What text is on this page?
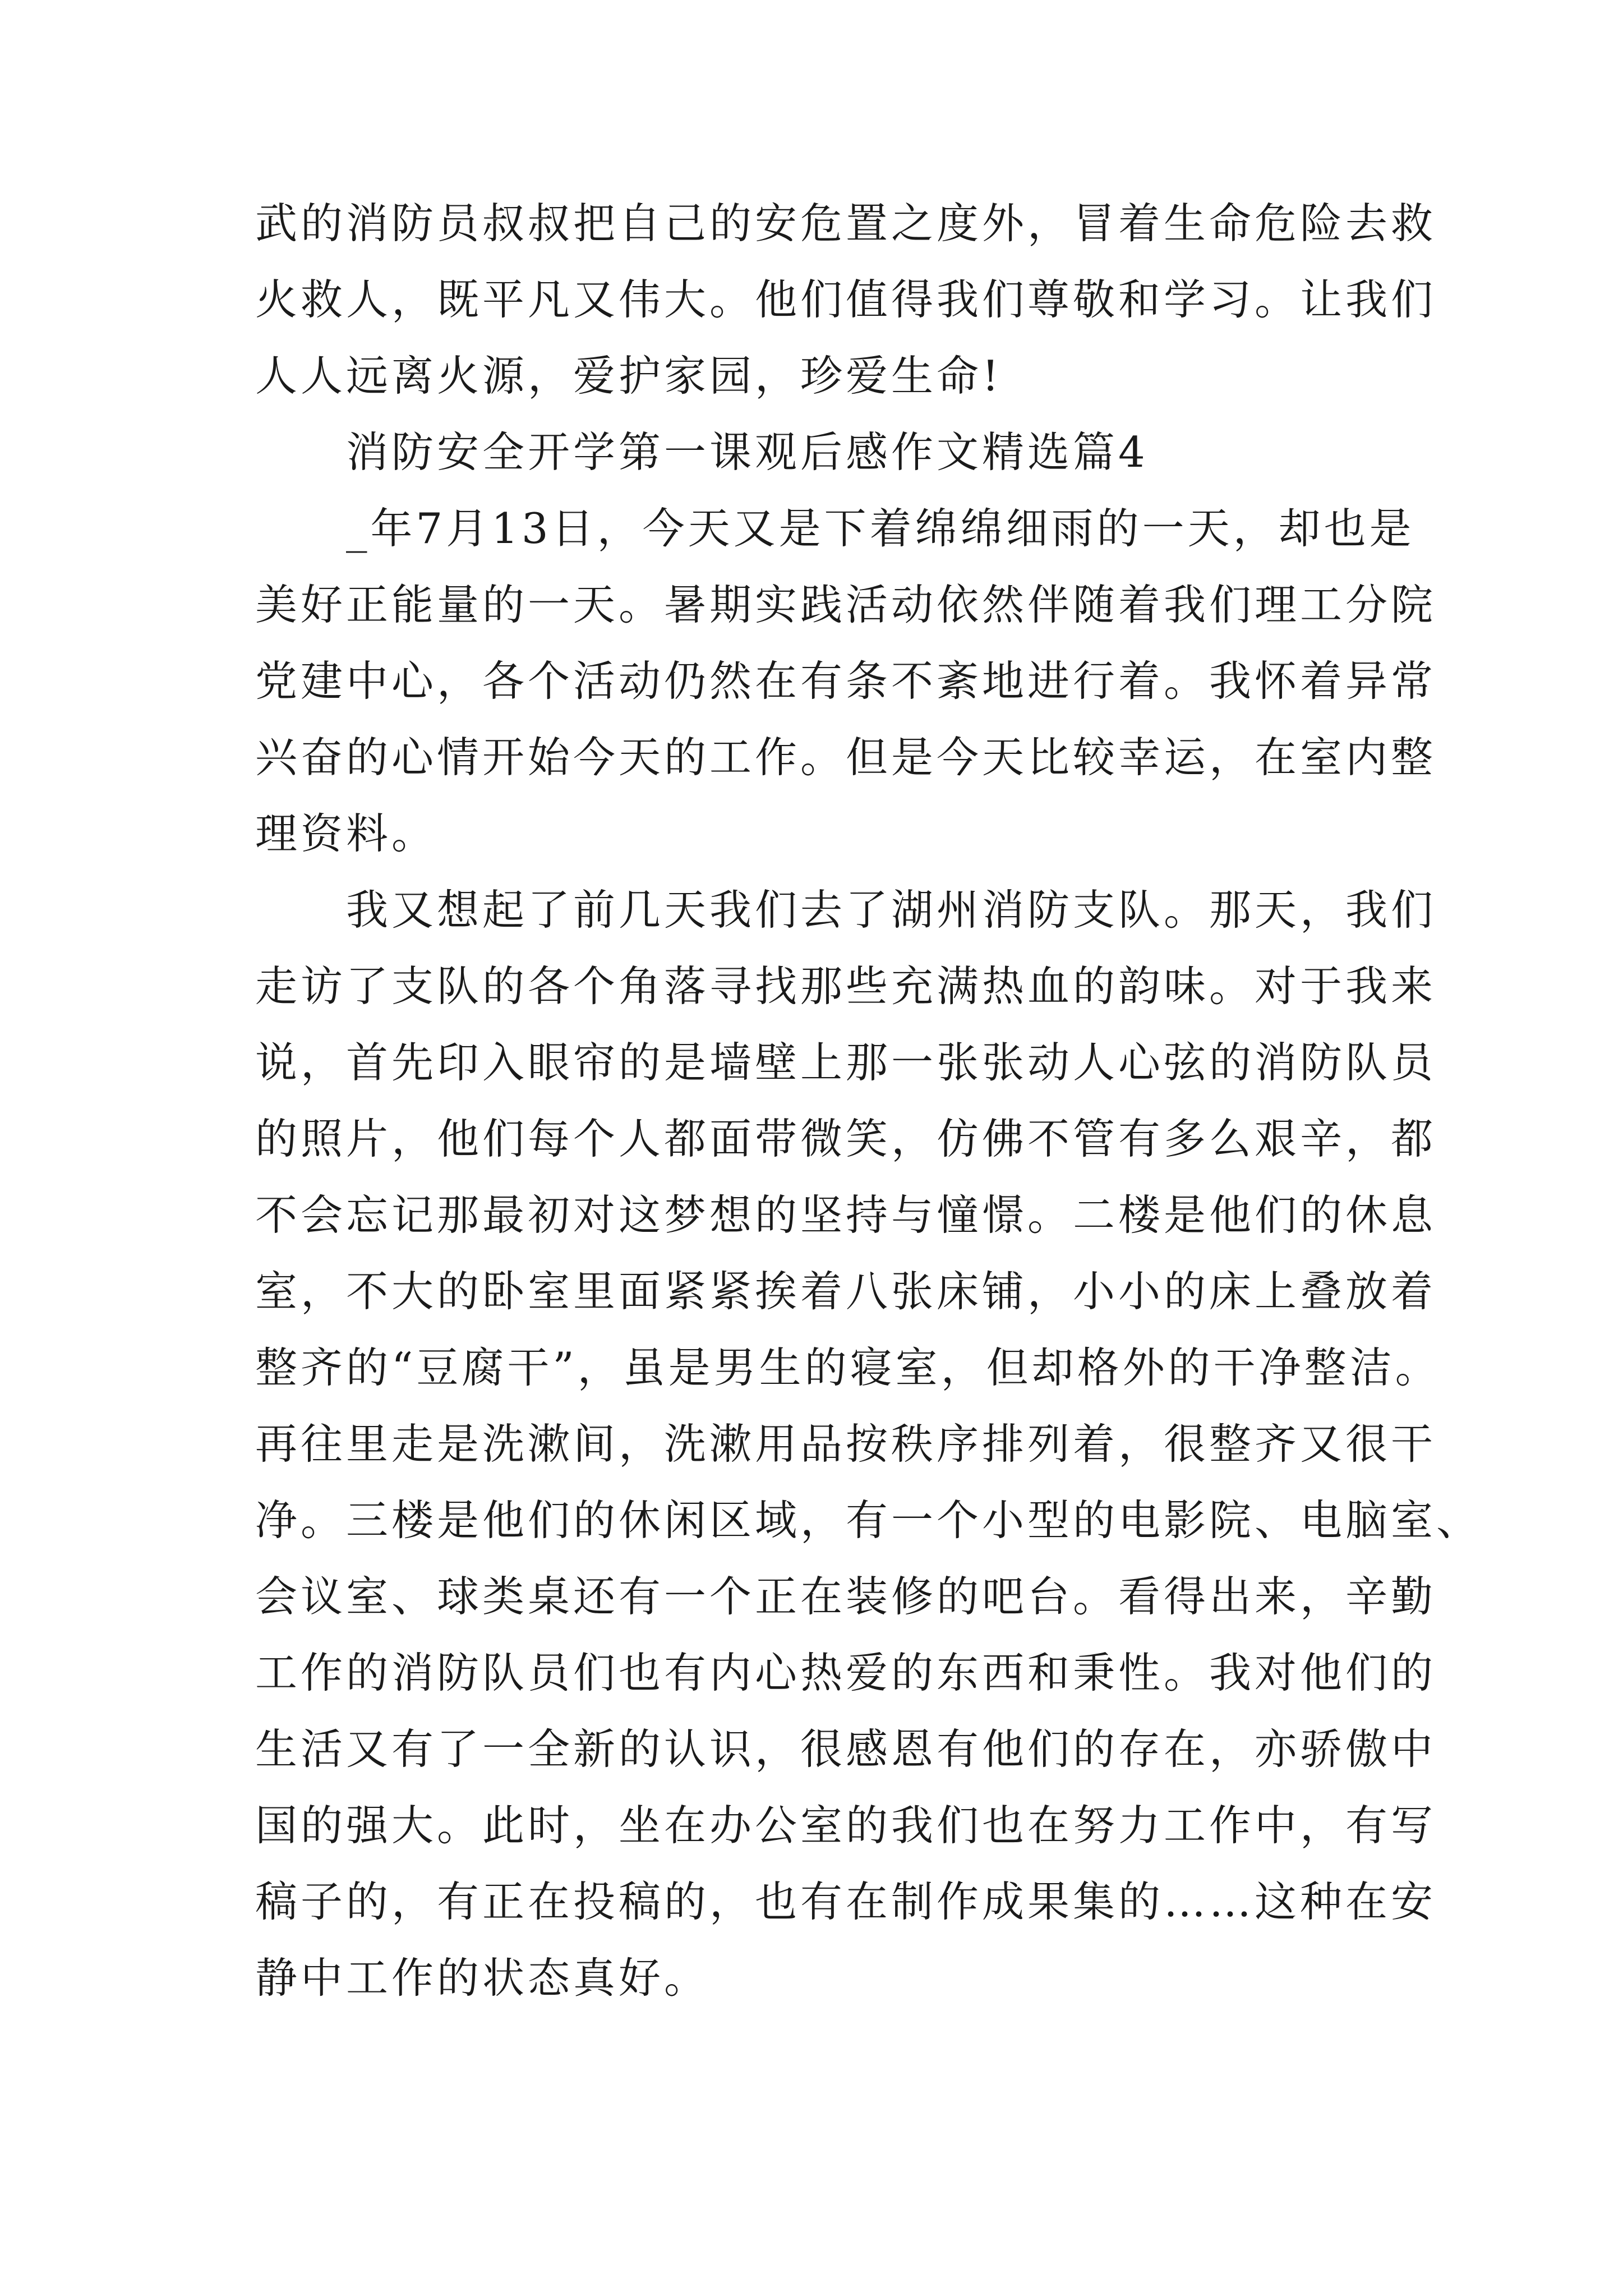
武的消防员叔叔把自己的安危置之度外，冒着生命危险去救
火救人，既平凡又伟大。他们值得我们尊敬和学习。让我们
人人远离火源，爱护家园，珍爱生命!
消防安全开学第一课观后感作文精选篇4
_年7月13日，今天又是下着绵绵细雨的一天，却也是
美好正能量的一天。暑期实践活动依然伴随着我们理工分院
党建中心，各个活动仍然在有条不紊地进行着。我怀着异常
兴奋的心情开始今天的工作。但是今天比较幸运，在室内整
理资料。
我又想起了前几天我们去了湖州消防支队。那天，我们
走访了支队的各个角落寻找那些充满热血的韵味。对于我来
说，首先印入眼帘的是墙壁上那一张张动人心弦的消防队员
的照片，他们每个人都面带微笑，仿佛不管有多么艰辛，都
不会忘记那最初对这梦想的坚持与憧憬。二楼是他们的休息
室，不大的卧室里面紧紧挨着八张床铺，小小的床上叠放着
整齐的“豆腐干”，虽是男生的寝室，但却格外的干净整洁。
再往里走是洗漱间，洗漱用品按秩序排列着，很整齐又很干
净。三楼是他们的休闲区域，有一个小型的电影院、电脑室、
会议室、球类桌还有一个正在装修的吧台。看得出来，辛勤
工作的消防队员们也有内心热爱的东西和秉性。我对他们的
生活又有了一全新的认识，很感恩有他们的存在，亦骄傲中
国的强大。此时，坐在办公室的我们也在努力工作中，有写
稿子的，有正在投稿的，也有在制作成果集的……这种在安
静中工作的状态真好。
